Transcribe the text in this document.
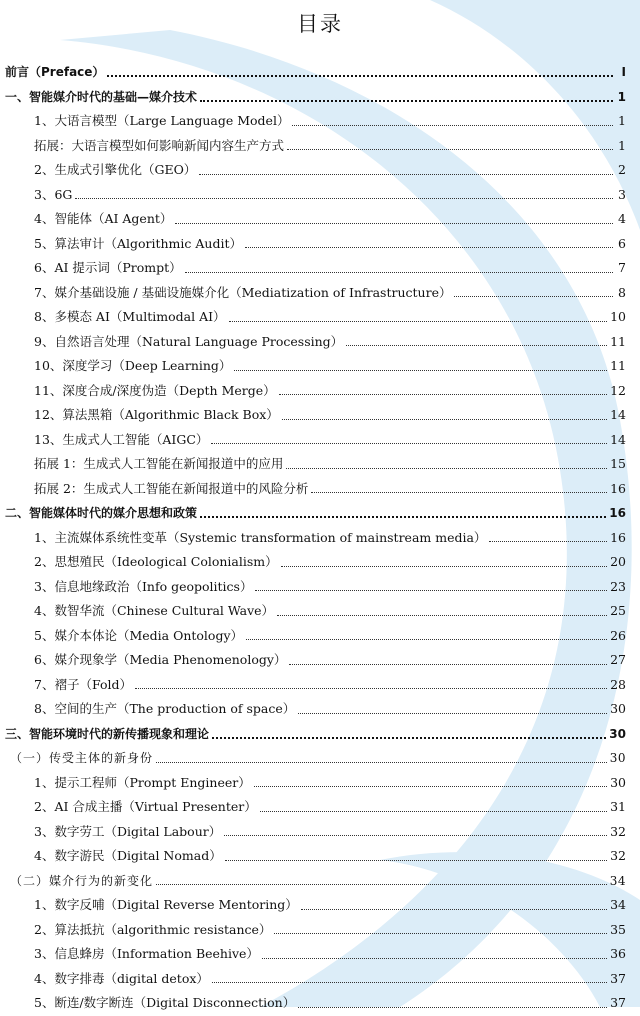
目录
前言（Preface）	I
一、智能媒介时代的基础—媒介技术	1
1、大语言模型（Large Language Model）	1
拓展：大语言模型如何影响新闻内容生产方式	1
2、生成式引擎优化（GEO）	2
3、6G	3
4、智能体（AI Agent）	4
5、算法审计（Algorithmic Audit）	6
6、AI 提示词（Prompt）	7
7、媒介基础设施 / 基础设施媒介化（Mediatization of Infrastructure）	8
8、多模态 AI（Multimodal AI）	10
9、自然语言处理（Natural Language Processing）	11
10、深度学习（Deep Learning）	11
11、深度合成/深度伪造（Depth Merge）	12
12、算法黑箱（Algorithmic Black Box）	14
13、生成式人工智能（AIGC）	14
拓展 1：生成式人工智能在新闻报道中的应用	15
拓展 2：生成式人工智能在新闻报道中的风险分析	16
二、智能媒体时代的媒介思想和政策	16
1、主流媒体系统性变革（Systemic transformation of mainstream media）	16
2、思想殖民（Ideological Colonialism）	20
3、信息地缘政治（Info geopolitics）	23
4、数智华流（Chinese Cultural Wave）	25
5、媒介本体论（Media Ontology）	26
6、媒介现象学（Media Phenomenology）	27
7、褶子（Fold）	28
8、空间的生产（The production of space）	30
三、智能环境时代的新传播现象和理论	30
（一）传受主体的新身份	30
1、提示工程师（Prompt Engineer）	30
2、AI 合成主播（Virtual Presenter）	31
3、数字劳工（Digital Labour）	32
4、数字游民（Digital Nomad）	32
（二）媒介行为的新变化	34
1、数字反哺（Digital Reverse Mentoring）	34
2、算法抵抗（algorithmic resistance）	35
3、信息蜂房（Information Beehive）	36
4、数字排毒（digital detox）	37
5、断连/数字断连（Digital Disconnection）	37
